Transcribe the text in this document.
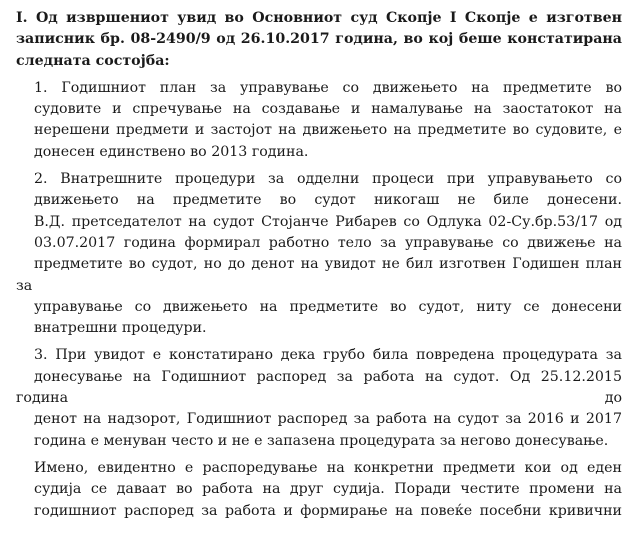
I. Од извршениот увид во Основниот суд Скопје I Скопје е изготвен
записник бр. 08-2490/9 од 26.10.2017 година, во кој беше констатирана
следната состојба:

1. Годишниот план за управување со движењето на предметите во
судовите и спречување на создавање и намалување на заостатокот на
нерешени предмети и застојот на движењето на предметите во судовите, е
донесен единствено во 2013 година.

2. Внатрешните процедури за одделни процеси при управувањето со
движењето на предметите во судот никогаш не биле донесени.
В.Д. претседателот на судот Стојанче Рибарев со Одлука 02-Су.бр.53/17 од
03.07.2017 година формирал работно тело за управување со движење на
предметите во судот, но до денот на увидот не бил изготвен Годишен план за
управување со движењето на предметите во судот, ниту се донесени
внатрешни процедури.

3. При увидот е констатирано дека грубо била повредена процедурата за
донесување на Годишниот распоред за работа на судот. Од 25.12.2015 година до
денот на надзорот, Годишниот распоред за работа на судот за 2016 и 2017
година е менуван често и не е запазена процедурата за негово донесување.

Имено, евидентно е распоредување на конкретни предмети кои од еден
судија се даваат во работа на друг судија. Поради честите промени на
годишниот распоред за работа и формирање на повеќе посебни кривични
